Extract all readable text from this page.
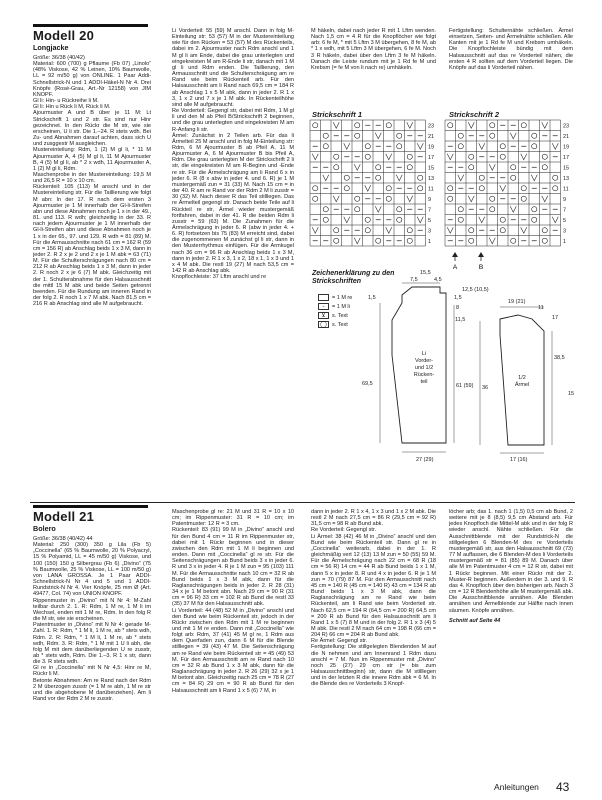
Modell 20
Longjacke

Größe: 36/38 (40/42)

Material: 600 (700) g Pflaume (Fb 07) „Linolo“ (48% Viskose, 42 % Leinen, 10% Baumwolle, LL = 92 m/50 g) von ONLINE. 1 Paar Addi-Schnellstrick-N und 1 ADDI-Häkel-N Nr 4. Drei Knöpfe (Rosé-Grau, Art.-Nr 12158) von JIM KNOPF.

Gl li: Hin- u Rückreihe li M.

Gl li: Hin u Rück li M, Rück li M.

Ajourmuster A und B über je 11 M: Lt Strickschrift 1 und 2 str. Es sind nur Hinr gezeichnet. In den Rückr die M str, wie sie erscheinen, U li str. Die 1.–24. R stets wdh. Bei Zu- und Abnahmen darauf achten, dass sich U und zusggestr M ausgleichen.

Mustereinteilung: Rdm, 1 (2) M gl li, * 11 M Ajourmuster A, 4 (5) M gl li, 11 M Ajourmuster B, 4 (5) M gl li, ab * 2 x wdh, 11 Ajourmuster A, 1 (2) M gl li, Rdm.

Maschenprobe in der Mustereinteilung: 19,5 M und 26,5 R = 10 x 10 cm.

Rückenteil: 105 (113) M anschl und in der Mustereinteilung str. Für die Taillierung wie folgt M abn: In der 17. R nach dem ersten 3 Ajourmuster je 1 M innerhalb der Gl-li-Streifen abn und diese Abnahmen noch je 1 x in der 49., 81. und 113. R wdh; gleichzeitig in der 33. R nach jedem Ajourmuster je 1 M innerhalb der Gl-li-Streifen abn und diese Abnahmen noch je 1 x in der 65., 97. und 129. R wdh = 81 (89) M. Für die Armausschnitte nach 61 cm = 162 R (59 cm = 156 R) ab Anschlag beids 1 x 3 M, dann in jeder 2. R 2 x je 2 und 2 x je 1 M abk = 63 (71) M. Für die Schulterschrägungen nach 80 cm = 212 R ab Anschlag beids 1 x 3 M, dann in jeder 2. R noch 2 x je 6 (7) M abk. Gleichzeitig mit der 1. Schulterabnahme für den Halsausschnitt die mittl 15 M abk und beide Seiten getrennt beenden. Für die Rundung am inneren Rand in der folg 2. R noch 1 x 7 M abk. Nach 81,5 cm = 216 R ab Anschlag sind alle M aufgebraucht.

Li Vorderteil: 55 (59) M anschl. Dann in folg M-Einteilung str: 53 (57) M in der Mustereinteilung wie für den Rücken = 53 (57) M des Rückenteils, dabei im 2. Ajourmuster nach Rdm anschl und 1 M gl li am Ende, dabei die grau unterlegten und eingekreisten M am R-Ende li str, danach mit 1 M gl li und Rdm enden. Die Taillierung, den Armausschnitt und die Schulterschrägung am re Rand wie beim Rückenteil arb. Für den Halsausschnitt am li Rand nach 69,5 cm = 184 R ab Anschlag 1 x 5 M abk, dann in jeder 2. R 1 x 3, 1 x 2 und 7 x je 1 M abk. In Rückenteilhöhe sind alle M aufgebraucht.

Re Vorderteil: Gegengl str, dabei mit Rdm, 1 M gl li und den M ab Pfeil B/Strickschrift 2 beginnen, und die grau unterlegten und eingekreisten M am R-Anfang li str.

Ärmel: Zunächst in 2 Teilen arb. Für das li Ärmelteil 25 M anschl und in folg M-Einteilung str: Rdm, 6 M Ajourmuster B ab Pfeil A, 11 M Ajourmuster A, 6 M Ajourmuster B bis Pfeil A, Rdm. Die grau unterlegten M der Strickschrift 2 li str, die eingekreisten M am R-Beginn und -Ende re str. Für die Ärmelschrägung am li Rand 6 x in jeder 6. R (8 x abw in jeder 4. und 6. R) je 1 M mustergemäß zun = 31 (33) M. Nach 15 cm = in der 40. R am re Rand vor der Rdm 2 M li zusstr = 30 (32) M. Nach dieser R das Teil stilllegen. Das re Ärmelteil gegengl str. Danach beide Teile auf li Rückteil re str, Ärmel wieder mustergemäß fortfahren, dabei in der 41. R die beiden Rdm li zusstr = 59 (63) M. Die Zunahmen für die Ärmelschrägung in jeder 6. R (abw in jeder 4. + 6. R) fortsetzen bis 75 (83) M erreicht sind, dabei die zugenommenen M zunächst gl li str, dann in den Musterrhythmus einfügen. Für die Armkugel nach 36 cm = 96 R ab Anschlag beids 1 x 3 M, dann in jeder 2. R 1 x 3, 1 x 2, 18 x 1, 1 x 3 und 1 x 4 M abk. Die restl 19 (27) M nach 53,5 cm = 142 R ab Anschlag abk.

Knopflochleiste: 37 Lftm anschl und re

M häkeln, dabei nach jeder R mit 1 Lftm wenden. Nach 1,5 cm = 4 R für die Knopflöcher wie folgt arb: 6 fe M, * mit 5 Lftm 3 M übergehen, 8 fe M, ab * 1 x wdh, mit 5 Lftm 3 M übergehen, 6 fe M. Noch 3 R häkeln, dabei über den Lftm 3 fe M häkeln. Danach die Leiste rundum mit je 1 Rd fe M und Krebsm (= fe M von li nach re) umhäkeln.

Fertigstellung: Schulternähte schließen. Ärmel einsetzen, Seiten- und Ärmelnähte schließen. Alle Kanten mit je 1 Rd fe M und Krebsm umhäkeln. Die Knopflochleiste bündig mit dem Halsausschnitt auf das re Vorderteil nähen, die ersten 4 R sollten auf dem Vorderteil liegen. Die Knöpfe auf das li Vorderteil nähen.

Strickschrift 1	Strickschrift 2
23	23
21	21
19	19
17	17
15	15
13	13
11	11
9	9
7	7
5	5
3	3
1	1
A	B
Zeichenerklärung zu den Strickschriften
= 1 M re
-	= 1 M li
⊻	s. Text
◯ s. Text
Li
Vorder-
und 1/2
Rücken-
teil
1/2
Ärmel
1,5
7,5	4,5
15,5
1,5
8
11,5
69,5	61 (59)
27 (29)
12,5 (10,5)
19 (21)
38,5
36
17 (16)
17
11
15
Modell 21
Bolero

Größe: 36/38 (40/42) 44

Material: 250 (300) 350 g Lila (Fb 5) „Coccinella“ (65 % Baumwolle, 20 % Polyacryl, 15 % Polyamid, LL = 45 m/50 g) Viskose, und 100 (150) 150 g Silbergrau (Fb 6) „Divino“ (75 % Baumwolle, 25 % Viskose, LL = 100 m/50 g) von LANA GROSSA. Je 1 Paar ADDI-Schnellstrick-N Nr 4 und 5 und 1 ADDI-Rundstrick-N Nr 4. Vier Knöpfe, 25 mm Ø (Art. 49477, Col. 74) von UNION KNOPF.

Rippenmuster in „Divino“ mit N Nr 4: M-Zahl teilbar durch 2. 1. R: Rdm, 1 M re, 1 M li im Wechsel, enden mit 1 M re, Rdm. In den folg R die M str, wie sie erscheinen.

Patentmuster in „Divino“ mit N Nr 4: gerade M-Zahl. 1. R: Rdm, * 1 M li, 1 M re, ab * stets wdh, Rdm. 2. R: Rdm, * 1 M li, 1 M re, ab * stets wdh, Rdm. 3. R: Rdm, * 1 M mit 1 U li abh, die folg M mit dem darüberliegenden U re zusstr, ab * stets wdh, Rdm. Die 1.–3. R 1 x str, dann die 3. R stets wdh.

Gl re in „Coccinella“ mit N Nr 4,5: Hinr re M, Rückr li M.

Betonte Abnahmen: Am re Rand nach der Rdm 2 M überzogen zusstr (= 1 M re abh, 1 M re str und die abgehobene M darüberziehen). Am li Rand vor der Rdm 2 M re zusstr.

Maschenprobe gl re: 21 M und 31 R = 10 x 10 cm; im Rippenmuster: 31 R = 10 cm; im Patentmuster: 12 R = 3 cm.

Rückenteil: 83 (91) 99 M in „Divino“ anschl und für den Bund 4 cm = 11 R im Rippenmuster str, dabei mit 1 Rückr beginnen und in dieser zwischen den Rdm mit 1 M li beginnen und enden. Dann mit „Coccinella“ gl re str. Für die Seitenschrägungen ab Bund beids 3 x in jeder 6. R und 3 x in jeder 4. R je 1 M zun = 95 (103) 111 M. Für die Armausschnitte nach 10 cm = 32 R ab Bund beids 1 x 3 M abk, dann für die Raglanschrägungen beids in jeder 2. R 28 (31) 34 x je 1 M betont abn. Nach 29 cm = 90 R (31 cm = 96 R) 33 cm = 102 R ab Bund die restl 33 (35) 37 M für den Halsausschnitt abk.

Li Vorderteil: 44 (48) 52 M in „Divino“ anschl und den Bund wie beim Rückenteil str, jedoch in der Rückr zwischen den Rdm mit 1 M re beginnen und mit 1 M re enden. Dann mit „Coccinella“ wie folgt arb: Rdm, 37 (41) 45 M gl re, 1 Rdm aus dem Querfaden zun, dann 6 M für die Blende stilllegen = 39 (43) 47 M. Die Seitenschrägung am re Rand wie beim Rückenteil str = 45 (49) 53 M. Für den Armausschnitt am re Rand nach 10 cm = 32 R ab Bund 1 x 3 M abk, dann für die Raglanschrägung in jeder 2. R 26 (29) 32 x je 1 M betont abn. Gleichzeitig nach 25 cm = 78 R (27 cm = 84 R) 29 cm = 90 R ab Bund für den Halsausschnitt am li Rand 1 x 5 (6) 7 M, in

dann in jeder 2. R 1 x 4, 1 x 3 und 1 x 2 M abk. Die restl 2 M nach 27,5 cm = 86 R (29,5 cm = 92 R) 31,5 cm = 98 R ab Bund abk.

Re Vorderteil: Gegengl str.

Li Ärmel: 38 (42) 46 M in „Divino“ anschl und den Bund wie beim Rückenteil str. Dann gl re in „Coccinella“ weiterarb, dabei in der 1. R gleichmäßig vert 12 (13) 13 M zun = 50 (55) 59 M. Für die Ärmelschrägung nach 22 cm = 68 R (18 cm = 56 R) 14 cm = 44 R ab Bund beids 1 x 1 M, dann 5 x in jeder 8. R und 4 x in jeder 6. R je 1 M zun = 70 (79) 87 M. Für den Armausschnitt nach 45 cm = 140 R (45 cm = 140 R) 43 cm = 134 R ab Bund beids 1 x 3 M abk, dann die Raglanschrägung am re Rand wie beim Rückenteil, am li Rand wie beim Vorderteil str. Nach 62,5 cm = 194 R (64,5 cm = 200 R) 64,5 cm = 200 R ab Bund für den Halsausschnitt am li Rand 1 x 5 (7) 8 M und in der folg 2. R 1 x 3 (4) 5 M abk. Die restl 2 M nach 64 cm = 198 R (66 cm = 204 R) 66 cm = 204 R ab Bund abk.

Re Ärmel: Gegengl str.

Fertigstellung: Die stillgelegten Blendenden M auf die N nehmen und am Innenrand 1 Rdm dazu anschl = 7 M. Nun im Rippenmuster mit „Divino“ noch 25 (27) 29 cm str (= bis zum Halsausschnittbeginn) str, dann die M stilllegen und in der letzten R die innere Rdm abk = 6 M. In die Blende des re Vorderteils 3 Knopf-

löcher arb; das 1. nach 1 (1,5) 0,5 cm ab Bund, 2 weitere mit je 8 (8,5) 9,5 cm Abstand arb. Für jedes Knopfloch die Mittel-M abk und in der folg R wieder anschl. Nähte schließen. Für die Ausschnittblende mit der Rundstrick-N die stillgelegten 6 Blenden-M des re Vorderteils mustergemäß str, aus den Halsausschnitt 69 (73) 77 M auffassen, die 6 Blenden-M des li Vorderteils mustergemäß str = 81 (85) 89 M. Danach über alle M im Patentmuster 4 cm = 12 R str, dabei mit 1 Rückr beginnen. Mit einer Rückr mit der 2. Muster-R beginnen. Außerdem in der 3. und 9. R das 4. Knopfloch über den bisherigen arb. Nach 3 cm = 12 R Blendenhöhe alle M mustergemäß abk. Die Ausschnittblende annähen. Alle Blenden annähen und Ärmelblende zur Hälfte nach innen säumen. Knöpfe annähen.

Schnitt auf Seite 44

Anleitungen 43
